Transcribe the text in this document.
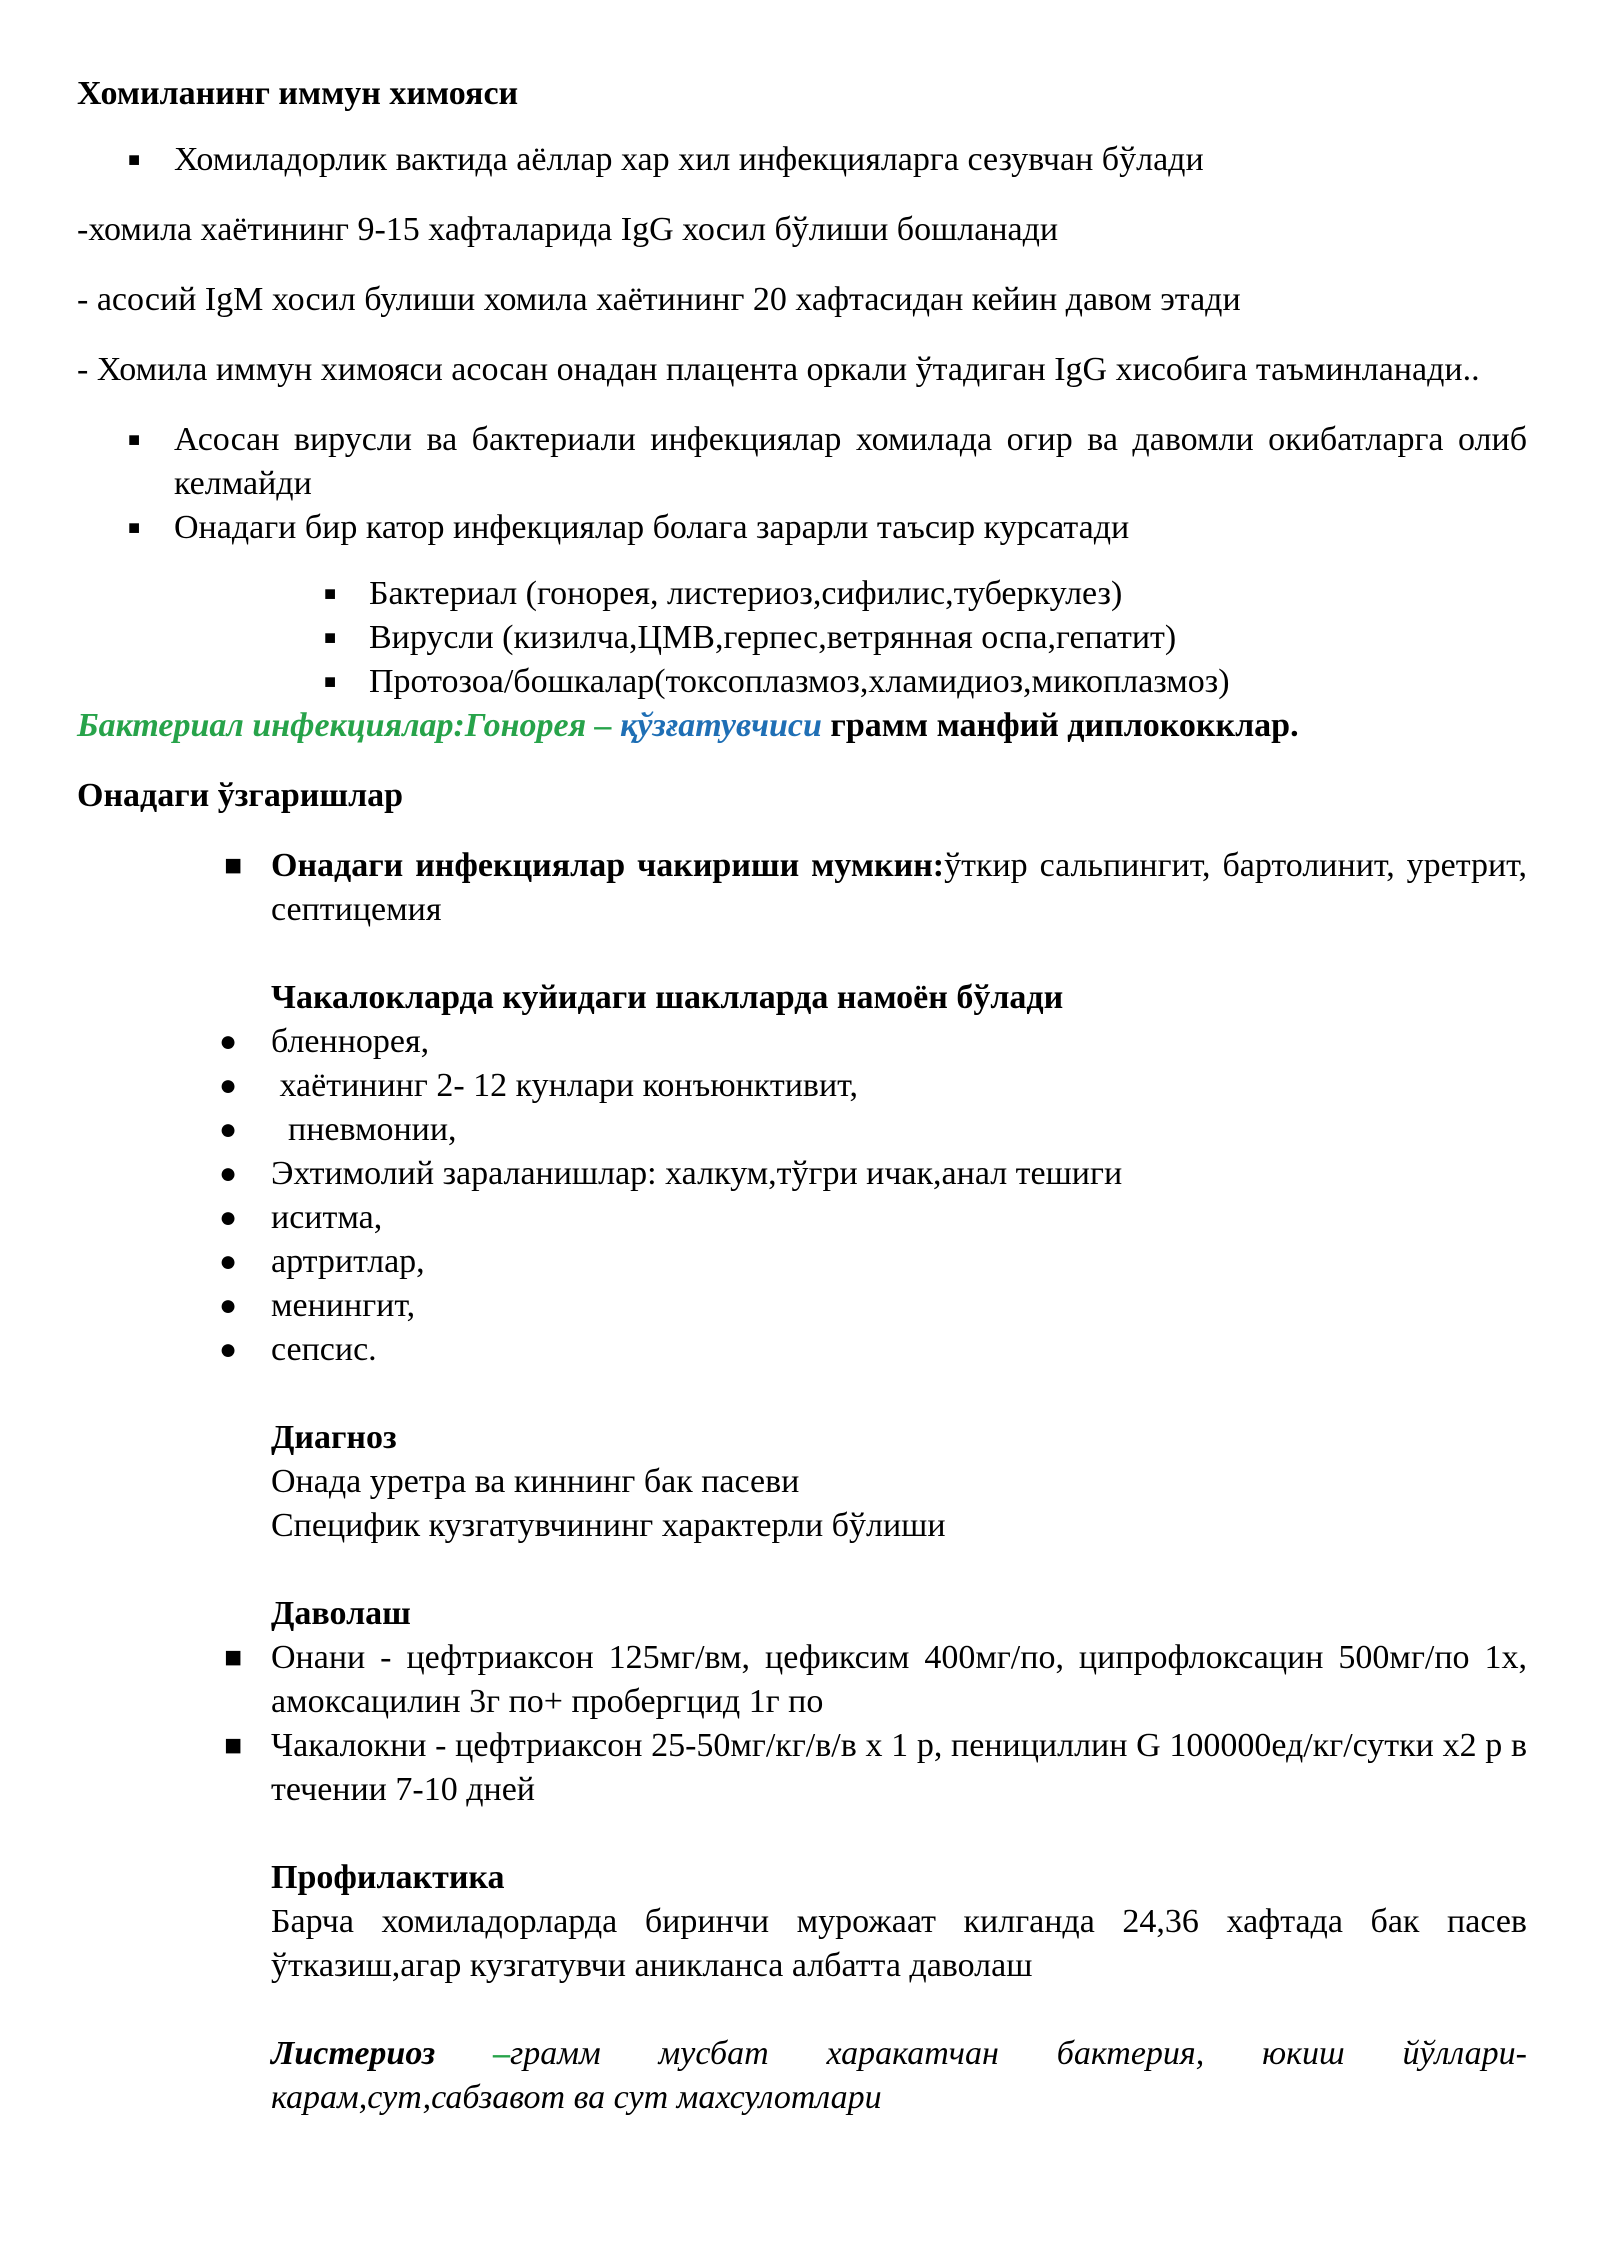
Хомиланинг иммун химояси

■ Хомиладорлик вактида аёллар хар хил инфекцияларга сезувчан бўлади

-хомила хаётининг 9-15 хафталарида IgG хосил бўлиши бошланади

- асосий IgM хосил булиши хомила хаётининг 20 хафтасидан кейин давом этади

- Хомила иммун химояси асосан онадан плацента оркали ўтадиган IgG хисобига таъминланади..

■ Асосан вирусли ва бактериали инфекциялар хомилада огир ва давомли окибатларга олиб келмайди

■ Онадаги бир катор инфекциялар болага зарарли таъсир курсатади

■ Бактериал (гонорея, листериоз,сифилис,туберкулез)

■ Вирусли (кизилча,ЦМВ,герпес,ветрянная оспа,гепатит)

■ Протозоа/бошкалар(токсоплазмоз,хламидиоз,микоплазмоз)

Бактериал инфекциялар:Гонорея – қўзғатувчиси грамм манфий диплококклар.

Онадаги ўзгаришлар

■ Онадаги инфекциялар чакириши мумкин:ўткир сальпингит, бартолинит, уретрит, септицемия

Чакалокларда куйидаги шаклларда намоён бўлади

● бленнорея,

● хаётининг 2- 12 кунлари конъюнктивит,

● пневмонии,

● Эхтимолий зараланишлар: халкум,тўгри ичак,анал тешиги

● иситма,

● артритлар,

● менингит,

● сепсис.

Диагноз

Онада уретра ва киннинг бак пасеви

Специфик кузгатувчининг характерли бўлиши

Даволаш

■ Онани - цефтриаксон 125мг/вм, цефиксим 400мг/по, ципрофлоксацин 500мг/по 1х, амоксацилин 3г по+ пробергцид 1г по

■ Чакалокни - цефтриаксон 25-50мг/кг/в/в х 1 р, пенициллин G 100000ед/кг/сутки х2 р в течении 7-10 дней

Профилактика

Барча хомиладорларда биринчи мурожаат килганда 24,36 хафтада бак пасев ўтказиш,агар кузгатувчи аникланса албатта даволаш

Листериоз –грамм мусбат харакатчан бактерия, юкиш йўллари- карам,сут,сабзавот ва сут махсулотлари
